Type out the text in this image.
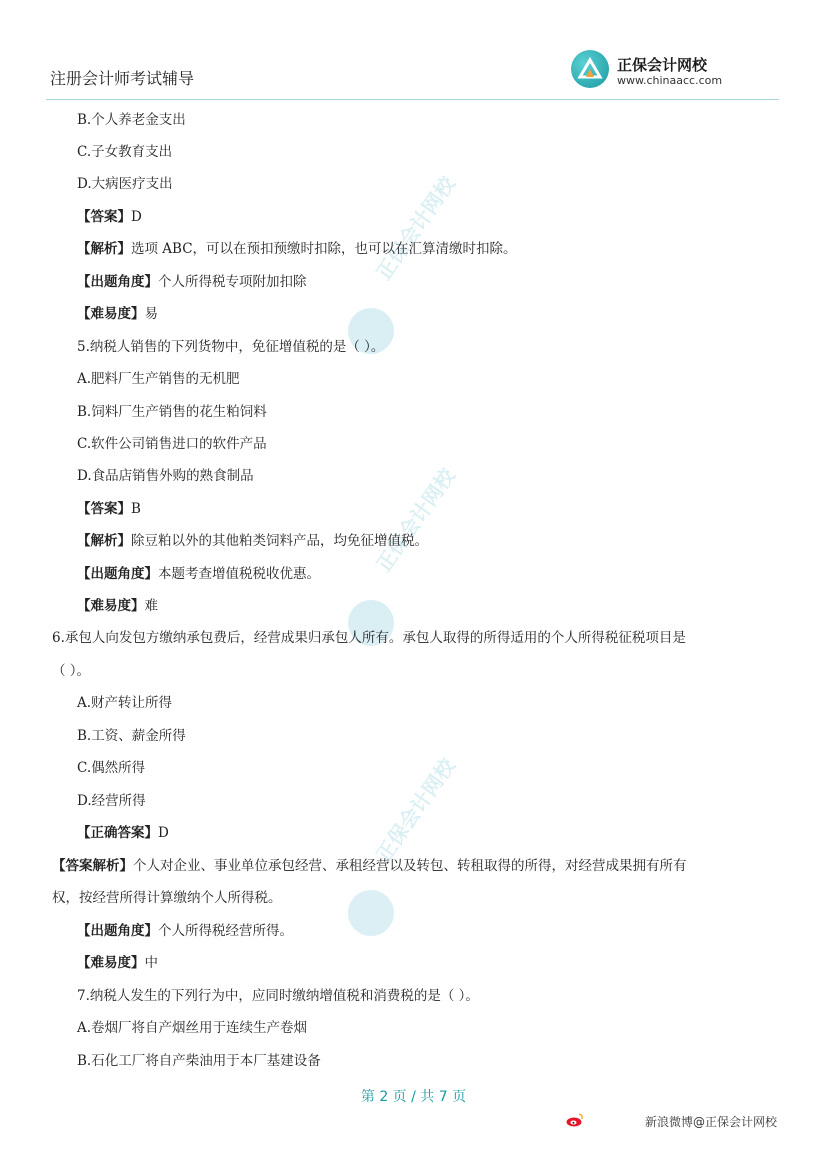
注册会计师考试辅导
正保会计网校
www.chinaacc.com
正保会计网校
正保会计网校
正保会计网校
B.个人养老金支出
C.子女教育支出
D.大病医疗支出
【答案】D
【解析】选项 ABC，可以在预扣预缴时扣除，也可以在汇算清缴时扣除。
【出题角度】个人所得税专项附加扣除
【难易度】易
5.纳税人销售的下列货物中，免征增值税的是（ ）。
A.肥料厂生产销售的无机肥
B.饲料厂生产销售的花生粕饲料
C.软件公司销售进口的软件产品
D.食品店销售外购的熟食制品
【答案】B
【解析】除豆粕以外的其他粕类饲料产品，均免征增值税。
【出题角度】本题考查增值税税收优惠。
【难易度】难
6.承包人向发包方缴纳承包费后，经营成果归承包人所有。承包人取得的所得适用的个人所得税征税项目是
（ ）。
A.财产转让所得
B.工资、薪金所得
C.偶然所得
D.经营所得
【正确答案】D
【答案解析】个人对企业、事业单位承包经营、承租经营以及转包、转租取得的所得，对经营成果拥有所有
权，按经营所得计算缴纳个人所得税。
【出题角度】个人所得税经营所得。
【难易度】中
7.纳税人发生的下列行为中，应同时缴纳增值税和消费税的是（ ）。
A.卷烟厂将自产烟丝用于连续生产卷烟
B.石化工厂将自产柴油用于本厂基建设备
第 2 页 / 共 7 页
新浪微博@正保会计网校
